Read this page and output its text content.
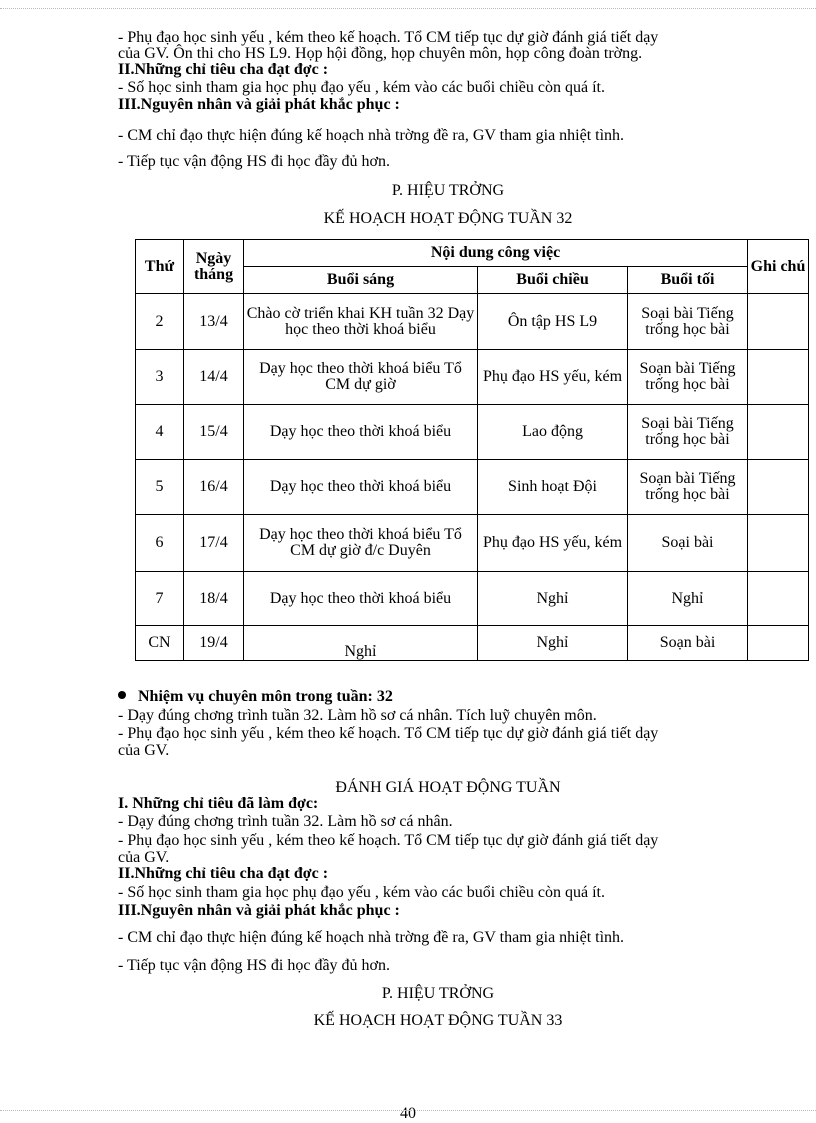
- Phụ đạo học sinh yếu , kém theo kế hoạch. Tổ CM tiếp tục dự giờ đánh giá tiết dạy
của GV. Ôn thi cho HS L9. Họp hội đồng, họp chuyên môn, họp công đoàn trờng.
II.Những chỉ tiêu cha đạt đợc :
- Số học sinh tham gia học phụ đạo yếu , kém vào các buổi chiều còn quá ít.
III.Nguyên nhân và giải phát khắc phục :
- CM chỉ đạo thực hiện đúng kế hoạch nhà trờng đề ra, GV tham gia nhiệt tình.
- Tiếp tục vận động HS đi học đầy đủ hơn.
P. HIỆU TRỞNG
KẾ HOẠCH HOẠT ĐỘNG TUẦN 32
Thứ	Ngày tháng	Nội dung công việc			Ghi chú
		Buổi sáng	Buổi chiều	Buổi tối	
2	13/4	Chào cờ triển khai KH tuần 32 Dạy học theo thời khoá biểu	Ôn tập HS L9	Soại bài Tiếng trống học bài	
3	14/4	Dạy học theo thời khoá biểu Tổ CM dự giờ	Phụ đạo HS yếu, kém	Soạn bài Tiếng trống học bài	
4	15/4	Dạy học theo thời khoá biểu	Lao động	Soại bài Tiếng trống học bài	
5	16/4	Dạy học theo thời khoá biểu	Sinh hoạt Đội	Soạn bài Tiếng trống học bài	
6	17/4	Dạy học theo thời khoá biểu Tổ CM dự giờ đ/c Duyên	Phụ đạo HS yếu, kém	Soại bài	
7	18/4	Dạy học theo thời khoá biểu	Nghỉ	Nghỉ	
CN	19/4	Nghỉ	Nghỉ	Soạn bài	
Nhiệm vụ chuyên môn trong tuần: 32
- Dạy đúng chơng trình tuần 32. Làm hồ sơ cá nhân. Tích luỹ chuyên môn.
- Phụ đạo học sinh yếu , kém theo kế hoạch. Tổ CM tiếp tục dự giờ đánh giá tiết dạy
của GV.
ĐÁNH GIÁ HOẠT ĐỘNG TUẦN
I. Những chỉ tiêu đã làm đợc:
- Dạy đúng chơng trình tuần 32. Làm hồ sơ cá nhân.
- Phụ đạo học sinh yếu , kém theo kế hoạch. Tổ CM tiếp tục dự giờ đánh giá tiết dạy
của GV.
II.Những chỉ tiêu cha đạt đợc :
- Số học sinh tham gia học phụ đạo yếu , kém vào các buổi chiều còn quá ít.
III.Nguyên nhân và giải phát khắc phục :
- CM chỉ đạo thực hiện đúng kế hoạch nhà trờng đề ra, GV tham gia nhiệt tình.
- Tiếp tục vận động HS đi học đầy đủ hơn.
P. HIỆU TRỞNG
KẾ HOẠCH HOẠT ĐỘNG TUẦN 33
40
